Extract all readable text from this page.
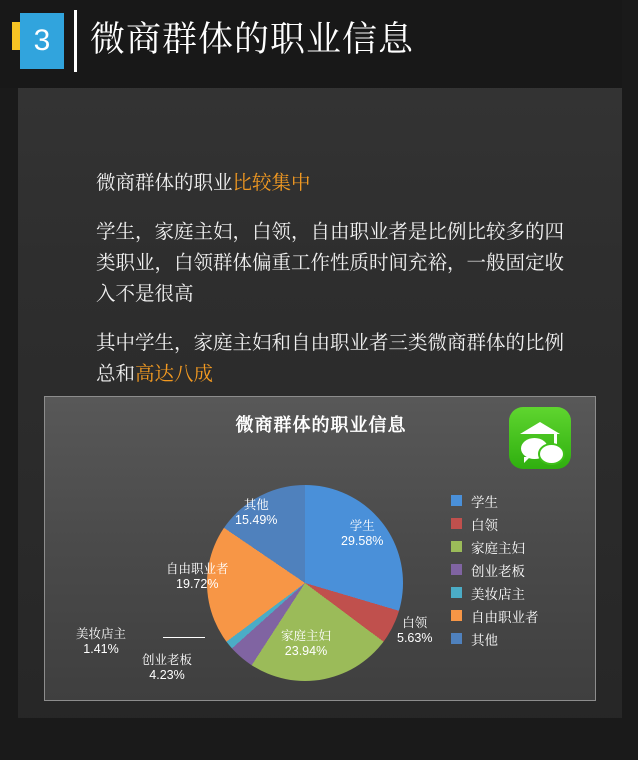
3	微商群体的职业信息

微商群体的职业比较集中

学生，家庭主妇，白领，自由职业者是比例比较多的四类职业，白领群体偏重工作性质时间充裕，一般固定收入不是很高

其中学生，家庭主妇和自由职业者三类微商群体的比例总和高达八成

微商群体的职业信息
学生
29.58%
白领
5.63%
家庭主妇
23.94%
创业老板
4.23%
美妆店主
1.41%
自由职业者
19.72%
其他
15.49%
学生
白领
家庭主妇
创业老板
美妆店主
自由职业者
其他
